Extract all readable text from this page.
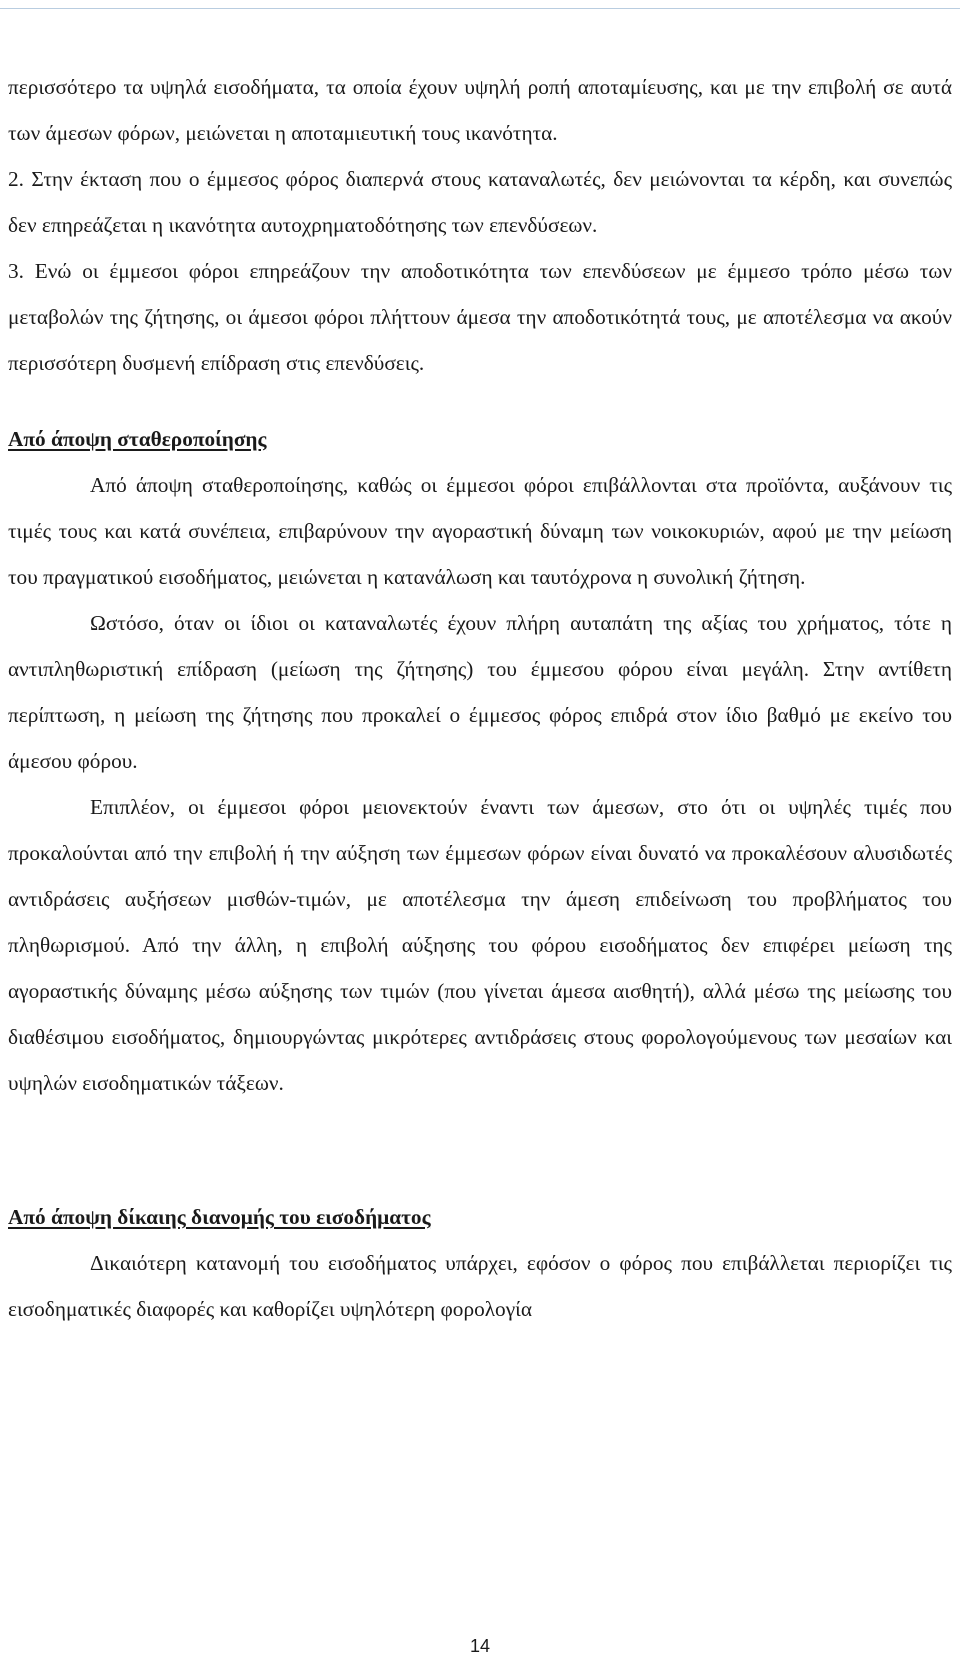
περισσότερο τα υψηλά εισοδήματα, τα οποία έχουν υψηλή ροπή αποταμίευσης, και με την επιβολή σε αυτά των άμεσων φόρων, μειώνεται η αποταμιευτική τους ικανότητα.

2. Στην έκταση που ο έμμεσος φόρος διαπερνά στους καταναλωτές, δεν μειώνονται τα κέρδη, και συνεπώς δεν επηρεάζεται η ικανότητα αυτοχρηματοδότησης των επενδύσεων.

3. Ενώ οι έμμεσοι φόροι επηρεάζουν την αποδοτικότητα των επενδύσεων με έμμεσο τρόπο μέσω των μεταβολών της ζήτησης, οι άμεσοι φόροι πλήττουν άμεσα την αποδοτικότητά τους, με αποτέλεσμα να ακούν περισσότερη δυσμενή επίδραση στις επενδύσεις.

Από άποψη σταθεροποίησης

Από άποψη σταθεροποίησης, καθώς οι έμμεσοι φόροι επιβάλλονται στα προϊόντα, αυξάνουν τις τιμές τους και κατά συνέπεια, επιβαρύνουν την αγοραστική δύναμη των νοικοκυριών, αφού με την μείωση του πραγματικού εισοδήματος, μειώνεται η κατανάλωση και ταυτόχρονα η συνολική ζήτηση.

Ωστόσο, όταν οι ίδιοι οι καταναλωτές έχουν πλήρη αυταπάτη της αξίας του χρήματος, τότε η αντιπληθωριστική επίδραση (μείωση της ζήτησης) του έμμεσου φόρου είναι μεγάλη. Στην αντίθετη περίπτωση, η μείωση της ζήτησης που προκαλεί ο έμμεσος φόρος επιδρά στον ίδιο βαθμό με εκείνο του άμεσου φόρου.

Επιπλέον, οι έμμεσοι φόροι μειονεκτούν έναντι των άμεσων, στο ότι οι υψηλές τιμές που προκαλούνται από την επιβολή ή την αύξηση των έμμεσων φόρων είναι δυνατό να προκαλέσουν αλυσιδωτές αντιδράσεις αυξήσεων μισθών-τιμών, με αποτέλεσμα την άμεση επιδείνωση του προβλήματος του πληθωρισμού. Από την άλλη, η επιβολή αύξησης του φόρου εισοδήματος δεν επιφέρει μείωση της αγοραστικής δύναμης μέσω αύξησης των τιμών (που γίνεται άμεσα αισθητή), αλλά μέσω της μείωσης του διαθέσιμου εισοδήματος, δημιουργώντας μικρότερες αντιδράσεις στους φορολογούμενους των μεσαίων και υψηλών εισοδηματικών τάξεων.

Από άποψη δίκαιης διανομής του εισοδήματος

Δικαιότερη κατανομή του εισοδήματος υπάρχει, εφόσον ο φόρος που επιβάλλεται περιορίζει τις εισοδηματικές διαφορές και καθορίζει υψηλότερη φορολογία

14
